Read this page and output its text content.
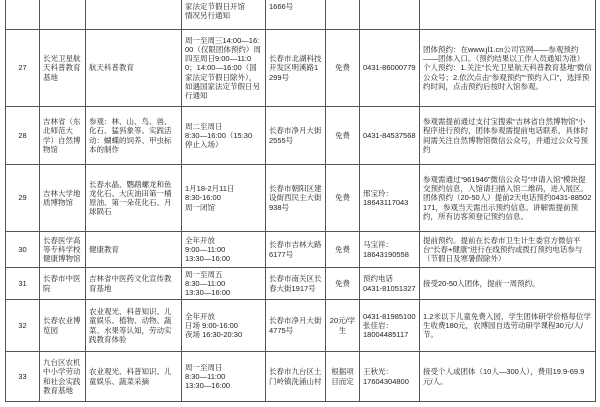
家法定节假日开馆
情况另行通知	1666号			

27	长光卫星航天科普教育基地	航天科普教育	周一至周三14:00—16:00（仅限团体预约）周四至周日9:00—11:00；14:00—16:00（国家法定节假日除外），如遇国家法定节假日另行通知	长春市北湖科技开发区明溪路1299号	免费	0431-86000779	团体预约：在www.jl1.cn公司官网——参观预约——团体入口。（预约结果以工作人员通知为准）
个人预约：1.关注“长光卫星航天科普教育基地”微信公众号；2.依次点击“参观预约”“预约入口”，选择预约时间，点击预约后按时入馆参观。

28	吉林省（东北师范大学）自然博物馆	参观：林、山、鸟、兽、化石、猛犸象等。实践活动：蝴蝶的饲养、甲虫标本的制作	周二至周日
8:30—16:00（15:30
停止入场）	长春市净月大街2555号	免费	0431-84537568	参观需提前通过支付宝搜索“吉林省自然博物馆”小程序进行预约，团体参观需提前电话联系，具体时间需关注自然博物馆微信公众号，并通过公众号预约

29	吉林大学地质博物馆	长春水晶、鹦鹉螺龙和鱼龙化石、大庆油田第一桶原油、第一朵花化石、月球陨石	1月18-2月11日
8:30-16:00
周一闭馆	长春市朝阳区建设街西民主大街938号	免费	邢宝玲：
18643117043	参观需通过“961946”微信公众号“申请入馆”模块提交预约信息，入馆请扫描入馆二维码，进入展区。团体预约（20-50人）提前2天电话预约0431-88502171，参观当天需出示预约信息。讲解需提前预约，所有访客须登记预约信息。

30	长春医学高等专科学校健康博物馆	健康教育	全年开放
9:00—11:00
13:30—16:00	长春市吉林大路6177号	免费	马宝祥：
18643190558	提前预约。提前在长春市卫生计生委官方微信平台“长春+健康”进行在线预约或拨打预约电话参与（节假日及寒暑假除外）

31	长春市中医院	吉林省中医药文化宣传教育基地	周一至周五
8:30—11:00
13:30—16:00	长春市南关区长春大街1917号	免费	预约电话
0431-81051327	接受20-50人团体，提前一周预约。

32	长春农业博览园	农业观光、科普知识、儿童娱乐、植物、动物、蔬菜、水果等认知，劳动实践教育体验	全年开放
日场 9:00-16:00
夜场 16:30-20:30	长春市净月大街4775号	20元/学生	0431-81985100
张佳岩：
18004485117	1.2米以下儿童免费入园，学生团体研学价格每位学生收费180元，农博园自选劳动研学课程30元/人/节。

33	九台区农机中小学劳动和社会实践教育基地	农业观光、科普知识、儿童娱乐、蔬菜采摘	周一至周日
8:30—11:00
13:30—16:00	长春市九台区土门岭镇洗涌山村	根据项目而定	王秋光：
17604304800	接受个人或团体（10人—300人），费用19.9-69.9元/人。
